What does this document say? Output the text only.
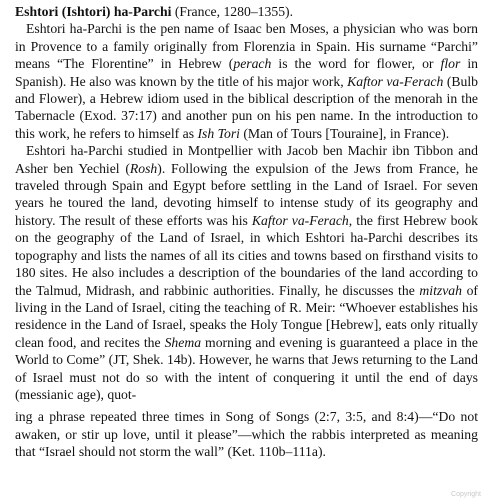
Eshtori (Ishtori) ha-Parchi (France, 1280–1355).

Eshtori ha-Parchi is the pen name of Isaac ben Moses, a physician who was born in Provence to a family originally from Florenzia in Spain. His surname “Parchi” means “The Florentine” in Hebrew (perach is the word for flower, or flor in Spanish). He also was known by the title of his major work, Kaftor va-Ferach (Bulb and Flower), a Hebrew idiom used in the biblical description of the menorah in the Tabernacle (Exod. 37:17) and another pun on his pen name. In the introduction to this work, he refers to himself as Ish Tori (Man of Tours [Touraine], in France).

Eshtori ha-Parchi studied in Montpellier with Jacob ben Machir ibn Tibbon and Asher ben Yechiel (Rosh). Following the expulsion of the Jews from France, he traveled through Spain and Egypt before settling in the Land of Israel. For seven years he toured the land, devoting himself to intense study of its geography and history. The result of these efforts was his Kaftor va-Ferach, the first Hebrew book on the geography of the Land of Israel, in which Eshtori ha-Parchi describes its topography and lists the names of all its cities and towns based on firsthand visits to 180 sites. He also includes a description of the boundaries of the land according to the Talmud, Midrash, and rabbinic authorities. Finally, he discusses the mitzvah of living in the Land of Israel, citing the teaching of R. Meir: “Whoever establishes his residence in the Land of Israel, speaks the Holy Tongue [Hebrew], eats only ritually clean food, and recites the Shema morning and evening is guaranteed a place in the World to Come” (JT, Shek. 14b). However, he warns that Jews returning to the Land of Israel must not do so with the intent of conquering it until the end of days (messianic age), quot-

ing a phrase repeated three times in Song of Songs (2:7, 3:5, and 8:4)—“Do not awaken, or stir up love, until it please”—which the rabbis interpreted as meaning that “Israel should not storm the wall” (Ket. 110b–111a).

Copyright
